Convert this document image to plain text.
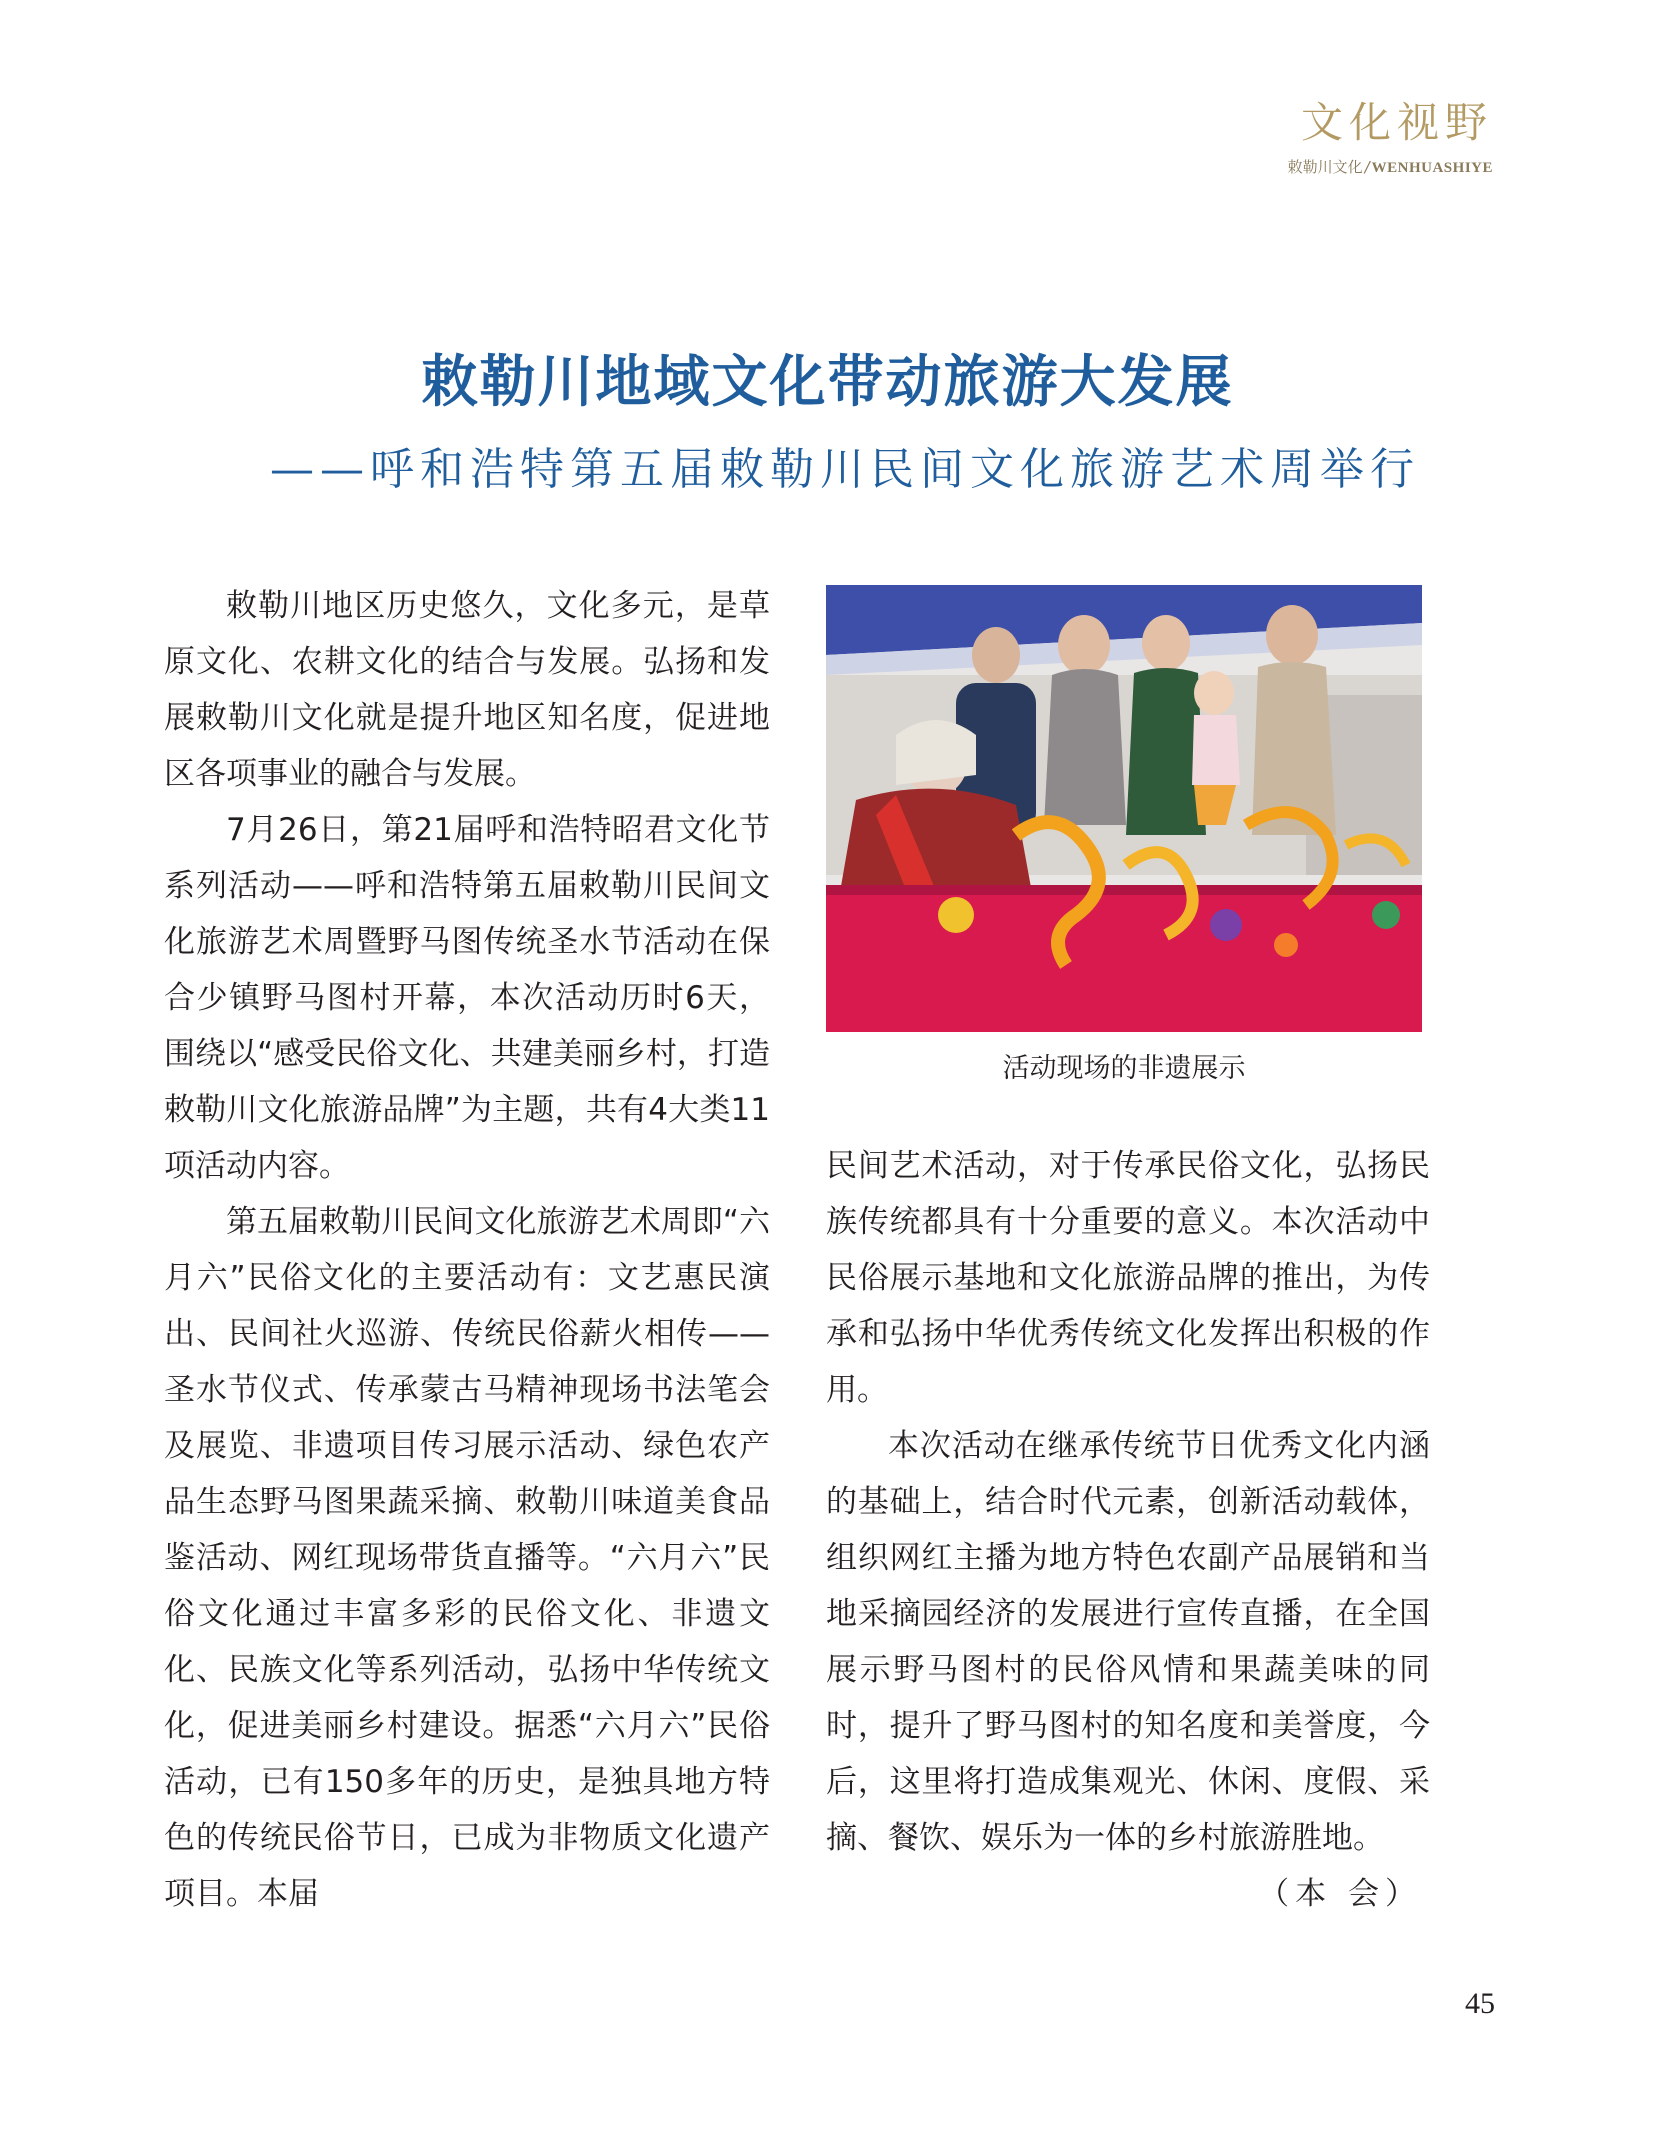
文化视野
敕勒川文化 / WENHUASHIYE
敕勒川地域文化带动旅游大发展
——呼和浩特第五届敕勒川民间文化旅游艺术周举行

敕勒川地区历史悠久，文化多元，是草原文化、农耕文化的结合与发展。弘扬和发展敕勒川文化就是提升地区知名度，促进地区各项事业的融合与发展。

7月26日，第21届呼和浩特昭君文化节系列活动——呼和浩特第五届敕勒川民间文化旅游艺术周暨野马图传统圣水节活动在保合少镇野马图村开幕，本次活动历时6天，围绕以“感受民俗文化、共建美丽乡村，打造敕勒川文化旅游品牌”为主题，共有4大类11项活动内容。

第五届敕勒川民间文化旅游艺术周即“六月六”民俗文化的主要活动有：文艺惠民演出、民间社火巡游、传统民俗薪火相传——圣水节仪式、传承蒙古马精神现场书法笔会及展览、非遗项目传习展示活动、绿色农产品生态野马图果蔬采摘、敕勒川味道美食品鉴活动、网红现场带货直播等。“六月六”民俗文化通过丰富多彩的民俗文化、非遗文化、民族文化等系列活动，弘扬中华传统文化，促进美丽乡村建设。据悉“六月六”民俗活动，已有150多年的历史，是独具地方特色的传统民俗节日，已成为非物质文化遗产项目。本届

活动现场的非遗展示

民间艺术活动，对于传承民俗文化，弘扬民族传统都具有十分重要的意义。本次活动中民俗展示基地和文化旅游品牌的推出，为传承和弘扬中华优秀传统文化发挥出积极的作用。

本次活动在继承传统节日优秀文化内涵的基础上，结合时代元素，创新活动载体，组织网红主播为地方特色农副产品展销和当地采摘园经济的发展进行宣传直播，在全国展示野马图村的民俗风情和果蔬美味的同时，提升了野马图村的知名度和美誉度，今后，这里将打造成集观光、休闲、度假、采摘、餐饮、娱乐为一体的乡村旅游胜地。
（本 会）

45
